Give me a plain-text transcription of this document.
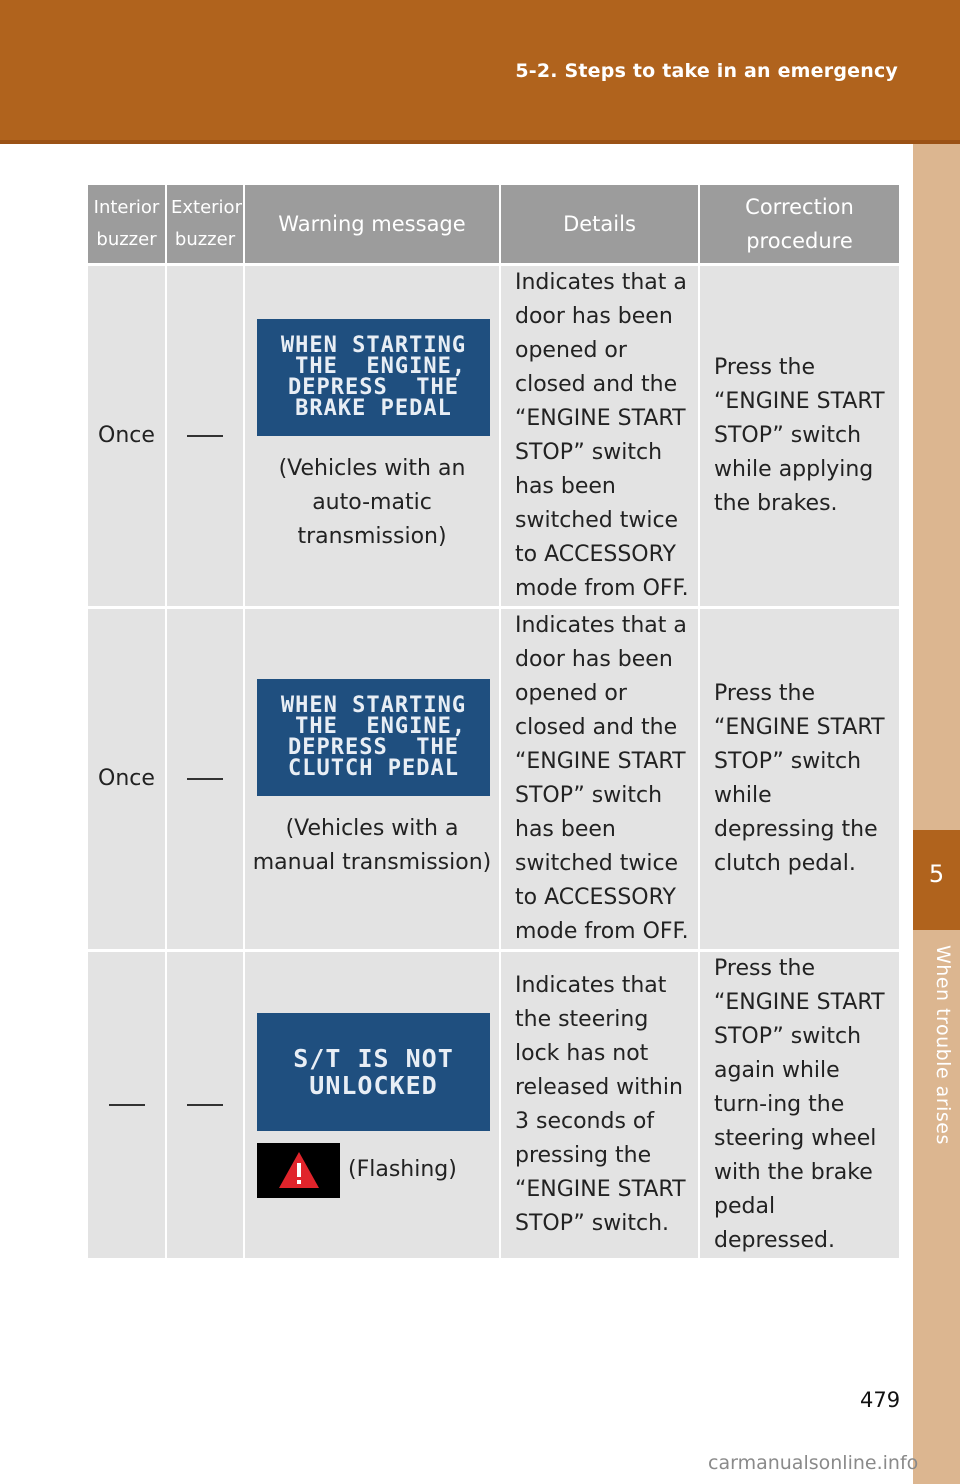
5-2. Steps to take in an emergency
5
When trouble arises
Interior buzzer	Exterior buzzer	Warning message	Details	Correction procedure
Once		WHEN STARTING
THE  ENGINE,
DEPRESS  THE
BRAKE PEDAL
(Vehicles with an auto-matic transmission)	Indicates that a door has been opened or closed and the “ENGINE START STOP” switch has been switched twice to ACCESSORY mode from OFF.	Press the “ENGINE START STOP” switch while applying the brakes.
Once		WHEN STARTING
THE  ENGINE,
DEPRESS  THE
CLUTCH PEDAL
(Vehicles with a manual transmission)	Indicates that a door has been opened or closed and the “ENGINE START STOP” switch has been switched twice to ACCESSORY mode from OFF.	Press the “ENGINE START STOP” switch while depressing the clutch pedal.

		S/T IS NOT
UNLOCKED
(Flashing)	Indicates that the steering lock has not released within 3 seconds of pressing the “ENGINE START STOP” switch.	Press the “ENGINE START STOP” switch again while turn-ing the steering wheel with the brake pedal depressed.
479
carmanualsonline.info
